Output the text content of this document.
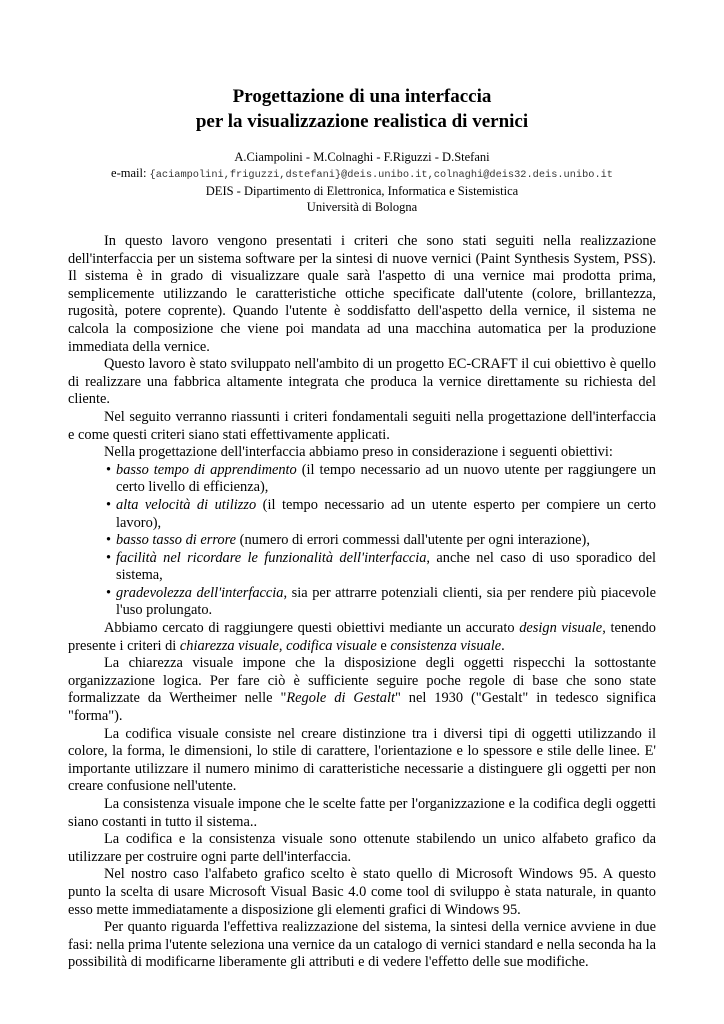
Progettazione di una interfaccia
per la visualizzazione realistica di vernici
A.Ciampolini - M.Colnaghi - F.Riguzzi - D.Stefani
e-mail: {aciampolini,friguzzi,dstefani}@deis.unibo.it,colnaghi@deis32.deis.unibo.it
DEIS - Dipartimento di Elettronica, Informatica e Sistemistica
Università di Bologna

In questo lavoro vengono presentati i criteri che sono stati seguiti nella realizzazione dell'interfaccia per un sistema software per la sintesi di nuove vernici (Paint Synthesis System, PSS). Il sistema è in grado di visualizzare quale sarà l'aspetto di una vernice mai prodotta prima, semplicemente utilizzando le caratteristiche ottiche specificate dall'utente (colore, brillantezza, rugosità, potere coprente). Quando l'utente è soddisfatto dell'aspetto della vernice, il sistema ne calcola la composizione che viene poi mandata ad una macchina automatica per la produzione immediata della vernice.

Questo lavoro è stato sviluppato nell'ambito di un progetto EC-CRAFT il cui obiettivo è quello di realizzare una fabbrica altamente integrata che produca la vernice direttamente su richiesta del cliente.

Nel seguito verranno riassunti i criteri fondamentali seguiti nella progettazione dell'interfaccia e come questi criteri siano stati effettivamente applicati.

Nella progettazione dell'interfaccia abbiamo preso in considerazione i seguenti obiettivi:

• basso tempo di apprendimento (il tempo necessario ad un nuovo utente per raggiungere un certo livello di efficienza),
• alta velocità di utilizzo (il tempo necessario ad un utente esperto per compiere un certo lavoro),
• basso tasso di errore (numero di errori commessi dall'utente per ogni interazione),
• facilità nel ricordare le funzionalità dell'interfaccia, anche nel caso di uso sporadico del sistema,
• gradevolezza dell'interfaccia, sia per attrarre potenziali clienti, sia per rendere più piacevole l'uso prolungato.

Abbiamo cercato di raggiungere questi obiettivi mediante un accurato design visuale, tenendo presente i criteri di chiarezza visuale, codifica visuale e consistenza visuale.

La chiarezza visuale impone che la disposizione degli oggetti rispecchi la sottostante organizzazione logica. Per fare ciò è sufficiente seguire poche regole di base che sono state formalizzate da Wertheimer nelle "Regole di Gestalt" nel 1930 ("Gestalt" in tedesco significa "forma").

La codifica visuale consiste nel creare distinzione tra i diversi tipi di oggetti utilizzando il colore, la forma, le dimensioni, lo stile di carattere, l'orientazione e lo spessore e stile delle linee. E' importante utilizzare il numero minimo di caratteristiche necessarie a distinguere gli oggetti per non creare confusione nell'utente.

La consistenza visuale impone che le scelte fatte per l'organizzazione e la codifica degli oggetti siano costanti in tutto il sistema..

La codifica e la consistenza visuale sono ottenute stabilendo un unico alfabeto grafico da utilizzare per costruire ogni parte dell'interfaccia.

Nel nostro caso l'alfabeto grafico scelto è stato quello di Microsoft Windows 95. A questo punto la scelta di usare Microsoft Visual Basic 4.0 come tool di sviluppo è stata naturale, in quanto esso mette immediatamente a disposizione gli elementi grafici di Windows 95.

Per quanto riguarda l'effettiva realizzazione del sistema, la sintesi della vernice avviene in due fasi: nella prima l'utente seleziona una vernice da un catalogo di vernici standard e nella seconda ha la possibilità di modificarne liberamente gli attributi e di vedere l'effetto delle sue modifiche.
